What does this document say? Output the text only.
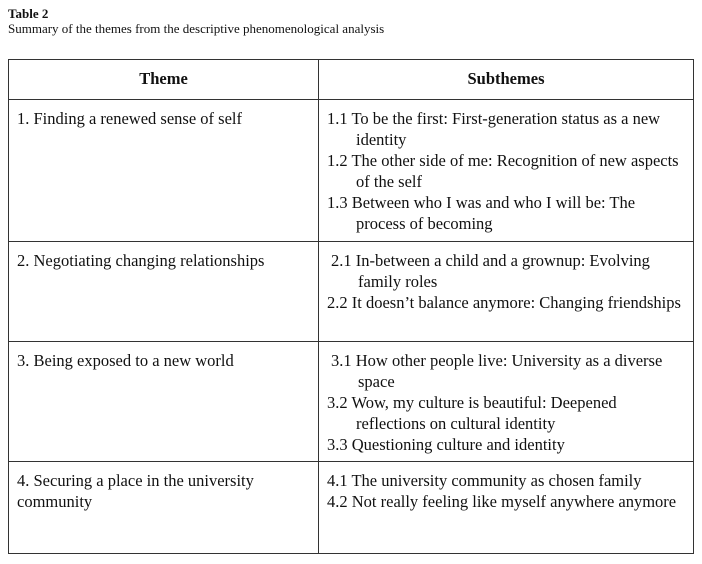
Table 2
Summary of the themes from the descriptive phenomenological analysis
Theme	Subthemes
1. Finding a renewed sense of self	1.1 To be the first: First-generation status as a new identity
1.2 The other side of me: Recognition of new aspects of the self
1.3 Between who I was and who I will be: The process of becoming

2. Negotiating changing relationships	2.1 In-between a child and a grownup: Evolving family roles
2.2 It doesn’t balance anymore: Changing friendships

3. Being exposed to a new world	3.1 How other people live: University as a diverse space
3.2 Wow, my culture is beautiful: Deepened reflections on cultural identity
3.3 Questioning culture and identity

4. Securing a place in the university community	4.1 The university community as chosen family
4.2 Not really feeling like myself anywhere anymore
